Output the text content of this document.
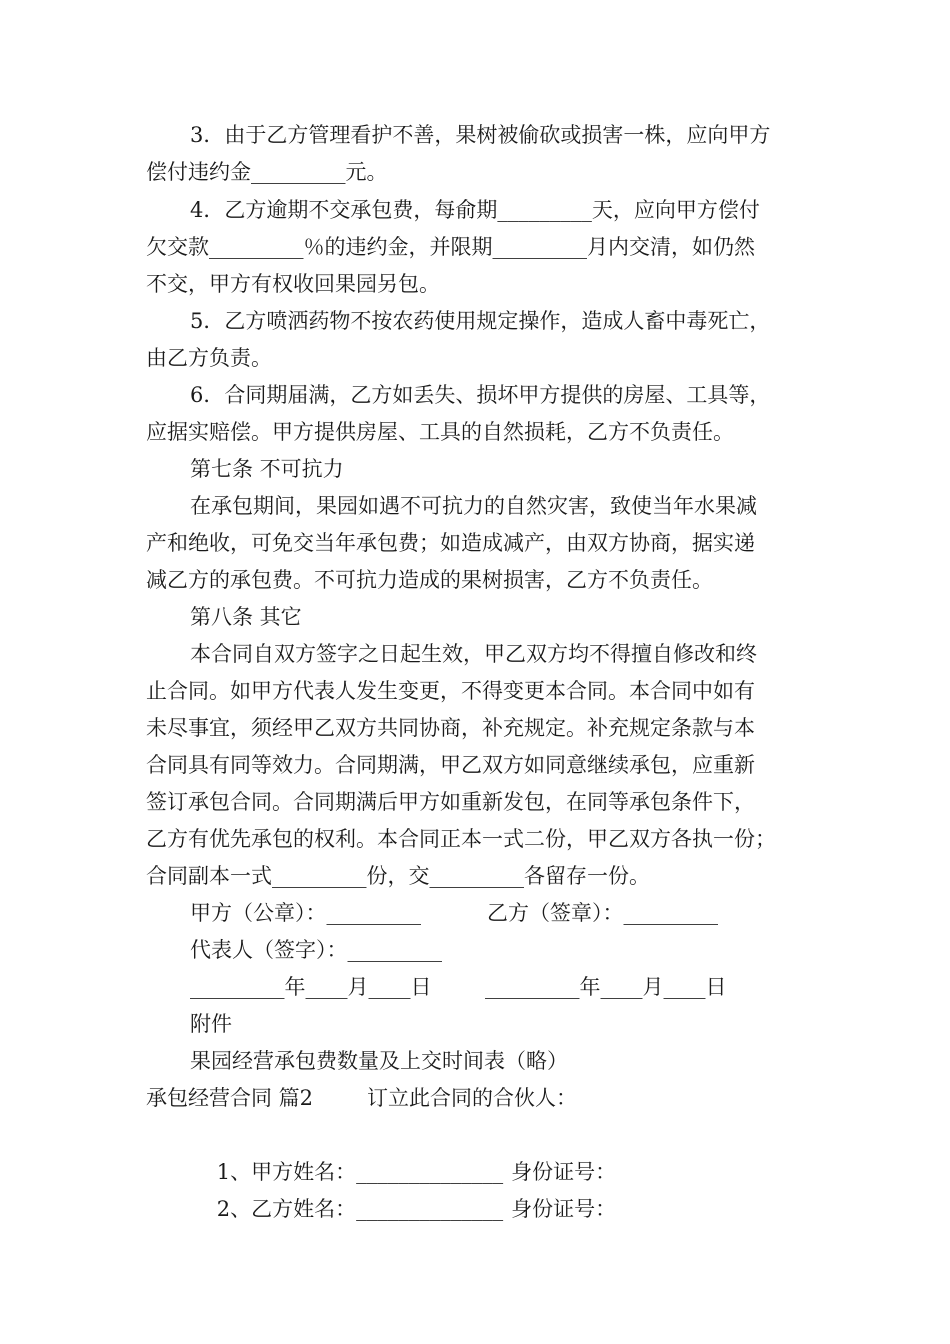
3．由于乙方管理看护不善，果树被偷砍或损害一株，应向甲方
偿付违约金_________元。
4．乙方逾期不交承包费，每俞期_________天，应向甲方偿付
欠交款_________％的违约金，并限期_________月内交清，如仍然
不交，甲方有权收回果园另包。
5．乙方喷洒药物不按农药使用规定操作，造成人畜中毒死亡，
由乙方负责。
6．合同期届满，乙方如丢失、损坏甲方提供的房屋、工具等，
应据实赔偿。甲方提供房屋、工具的自然损耗，乙方不负责任。
第七条 不可抗力
在承包期间，果园如遇不可抗力的自然灾害，致使当年水果减
产和绝收，可免交当年承包费；如造成减产，由双方协商，据实递
减乙方的承包费。不可抗力造成的果树损害，乙方不负责任。
第八条 其它
本合同自双方签字之日起生效，甲乙双方均不得擅自修改和终
止合同。如甲方代表人发生变更，不得变更本合同。本合同中如有
未尽事宜，须经甲乙双方共同协商，补充规定。补充规定条款与本
合同具有同等效力。合同期满，甲乙双方如同意继续承包，应重新
签订承包合同。合同期满后甲方如重新发包，在同等承包条件下，
乙方有优先承包的权利。本合同正本一式二份，甲乙双方各执一份；
合同副本一式_________份，交_________各留存一份。
甲方（公章）：_________	乙方（签章）：_________
代表人（签字）：_________
_________年____月____日	_________年____月____日
附件
果园经营承包费数量及上交时间表（略）
承包经营合同 篇2	订立此合同的合伙人：

1、甲方姓名：______________ 身份证号：

2、乙方姓名：______________ 身份证号：
